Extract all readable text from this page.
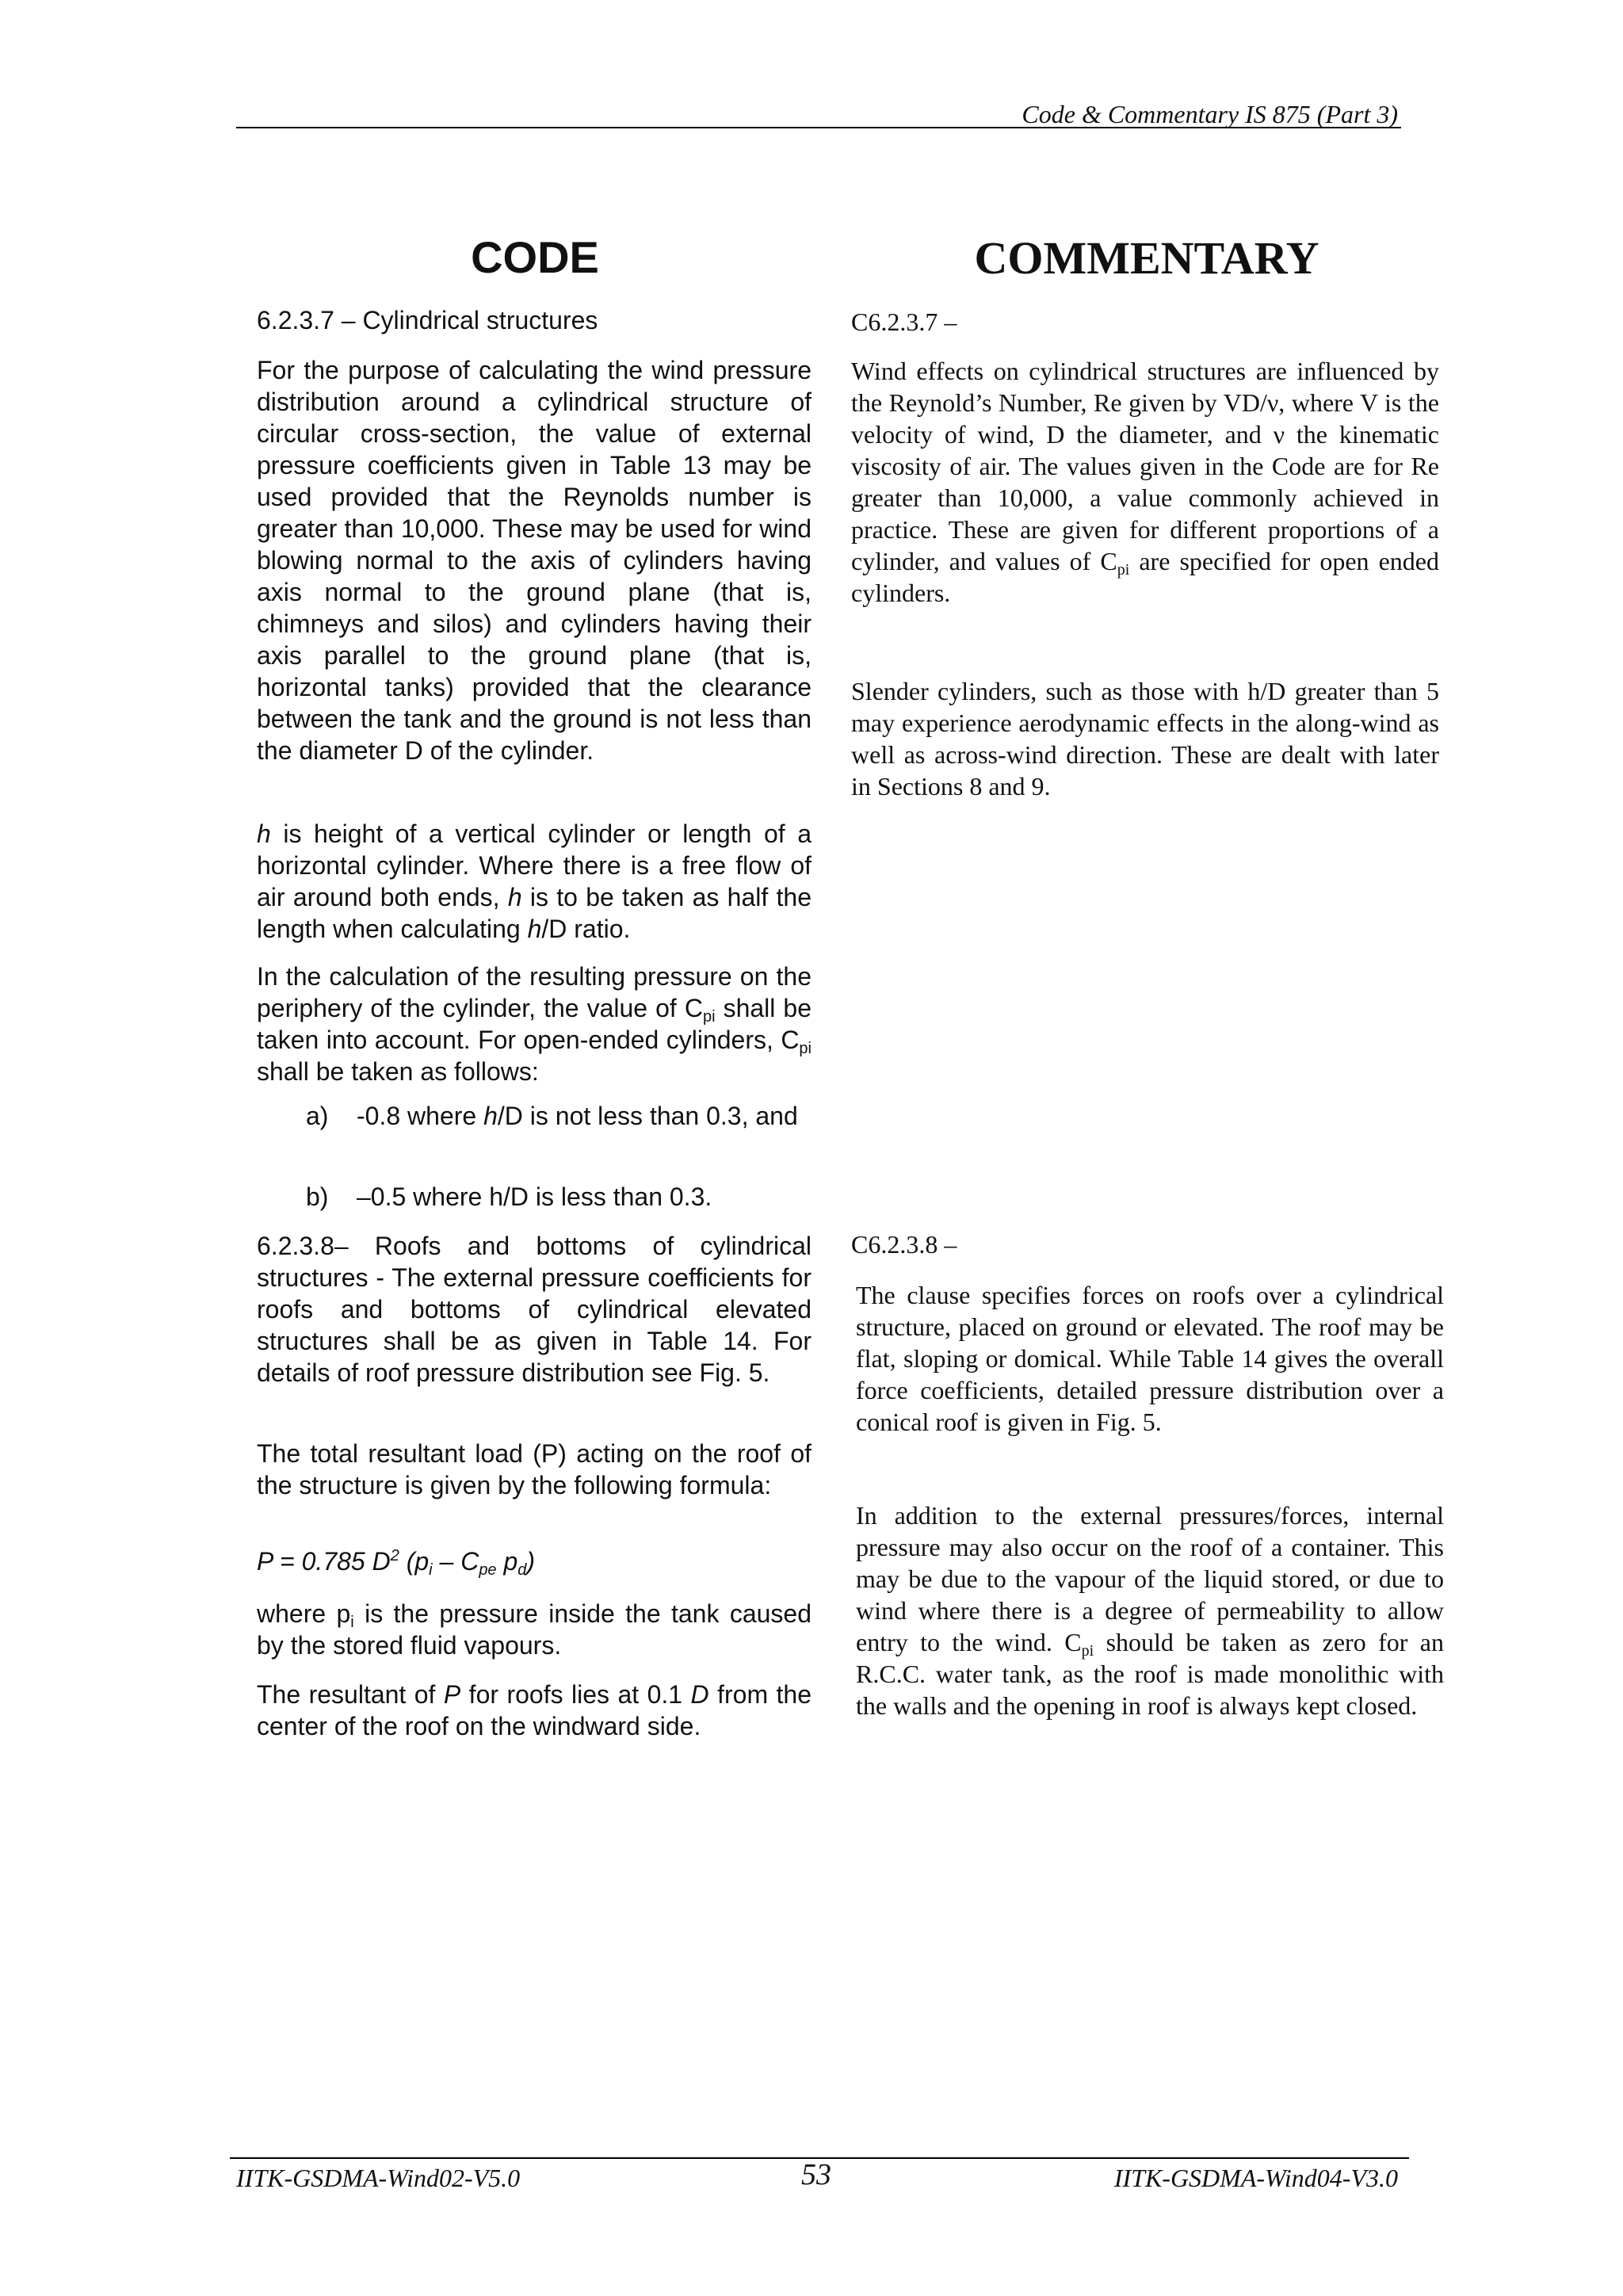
Code & Commentary IS 875 (Part 3)
CODE	COMMENTARY

6.2.3.7 – Cylindrical structures

For the purpose of calculating the wind pressure distribution around a cylindrical structure of circular cross-section, the value of external pressure coefficients given in Table 13 may be used provided that the Reynolds number is greater than 10,000. These may be used for wind blowing normal to the axis of cylinders having axis normal to the ground plane (that is, chimneys and silos) and cylinders having their axis parallel to the ground plane (that is, horizontal tanks) provided that the clearance between the tank and the ground is not less than the diameter D of the cylinder.

h is height of a vertical cylinder or length of a horizontal cylinder. Where there is a free flow of air around both ends, h is to be taken as half the length when calculating h/D ratio.

In the calculation of the resulting pressure on the periphery of the cylinder, the value of $C_{pi}$ shall be taken into account. For open-ended cylinders, $C_{pi}$ shall be taken as follows:

a) -0.8 where h/D is not less than 0.3, and
b) –0.5 where h/D is less than 0.3.

6.2.3.8– Roofs and bottoms of cylindrical structures - The external pressure coefficients for roofs and bottoms of cylindrical elevated structures shall be as given in Table 14. For details of roof pressure distribution see Fig. 5.

The total resultant load (P) acting on the roof of the structure is given by the following formula:

P = 0.785 $D^2$ ($p_i - C_{pe}$ $p_d$)

where $p_i$ is the pressure inside the tank caused by the stored fluid vapours.

The resultant of P for roofs lies at 0.1 D from the center of the roof on the windward side.

C6.2.3.7 –

Wind effects on cylindrical structures are influenced by the Reynold’s Number, Re given by VD/ν, where V is the velocity of wind, D the diameter, and ν the kinematic viscosity of air. The values given in the Code are for Re greater than 10,000, a value commonly achieved in practice. These are given for different proportions of a cylinder, and values of $C_{pi}$ are specified for open ended cylinders.

Slender cylinders, such as those with h/D greater than 5 may experience aerodynamic effects in the along-wind as well as across-wind direction. These are dealt with later in Sections 8 and 9.

C6.2.3.8 –

The clause specifies forces on roofs over a cylindrical structure, placed on ground or elevated. The roof may be flat, sloping or domical. While Table 14 gives the overall force coefficients, detailed pressure distribution over a conical roof is given in Fig. 5.

In addition to the external pressures/forces, internal pressure may also occur on the roof of a container. This may be due to the vapour of the liquid stored, or due to wind where there is a degree of permeability to allow entry to the wind. $C_{pi}$ should be taken as zero for an R.C.C. water tank, as the roof is made monolithic with the walls and the opening in roof is always kept closed.

IITK-GSDMA-Wind02-V5.0	53	IITK-GSDMA-Wind04-V3.0
